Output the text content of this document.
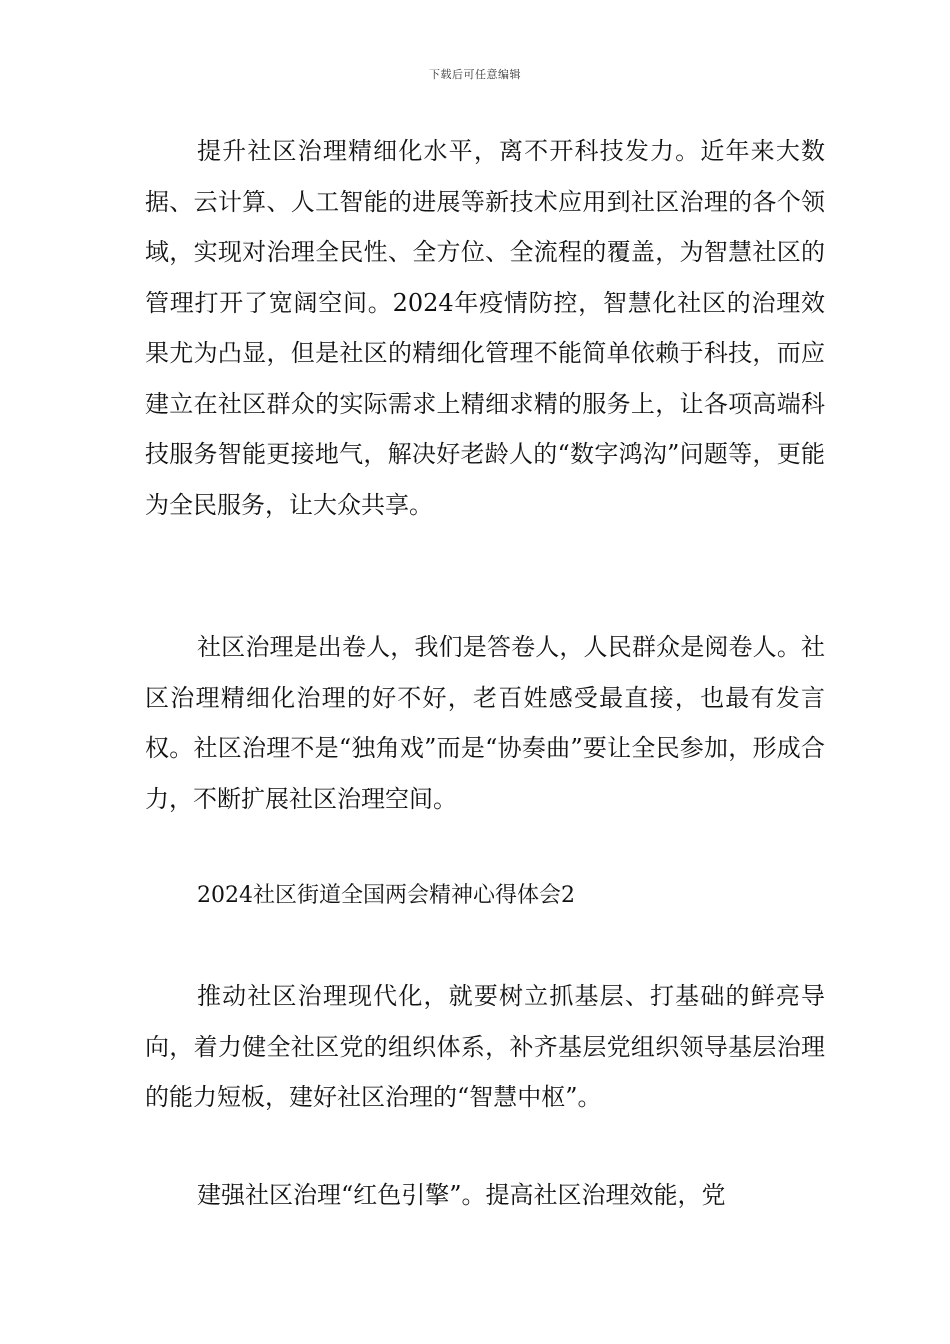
下载后可任意编辑

提升社区治理精细化水平，离不开科技发力。近年来大数据、云计算、人工智能的进展等新技术应用到社区治理的各个领域，实现对治理全民性、全方位、全流程的覆盖，为智慧社区的管理打开了宽阔空间。2024年疫情防控，智慧化社区的治理效果尤为凸显，但是社区的精细化管理不能简单依赖于科技，而应建立在社区群众的实际需求上精细求精的服务上，让各项高端科技服务智能更接地气，解决好老龄人的“数字鸿沟”问题等，更能为全民服务，让大众共享。

社区治理是出卷人，我们是答卷人，人民群众是阅卷人。社区治理精细化治理的好不好，老百姓感受最直接，也最有发言权。社区治理不是“独角戏”而是“协奏曲”要让全民参加，形成合力，不断扩展社区治理空间。

2024社区街道全国两会精神心得体会2

推动社区治理现代化，就要树立抓基层、打基础的鲜亮导向，着力健全社区党的组织体系，补齐基层党组织领导基层治理的能力短板，建好社区治理的“智慧中枢”。

建强社区治理“红色引擎”。提高社区治理效能，党
